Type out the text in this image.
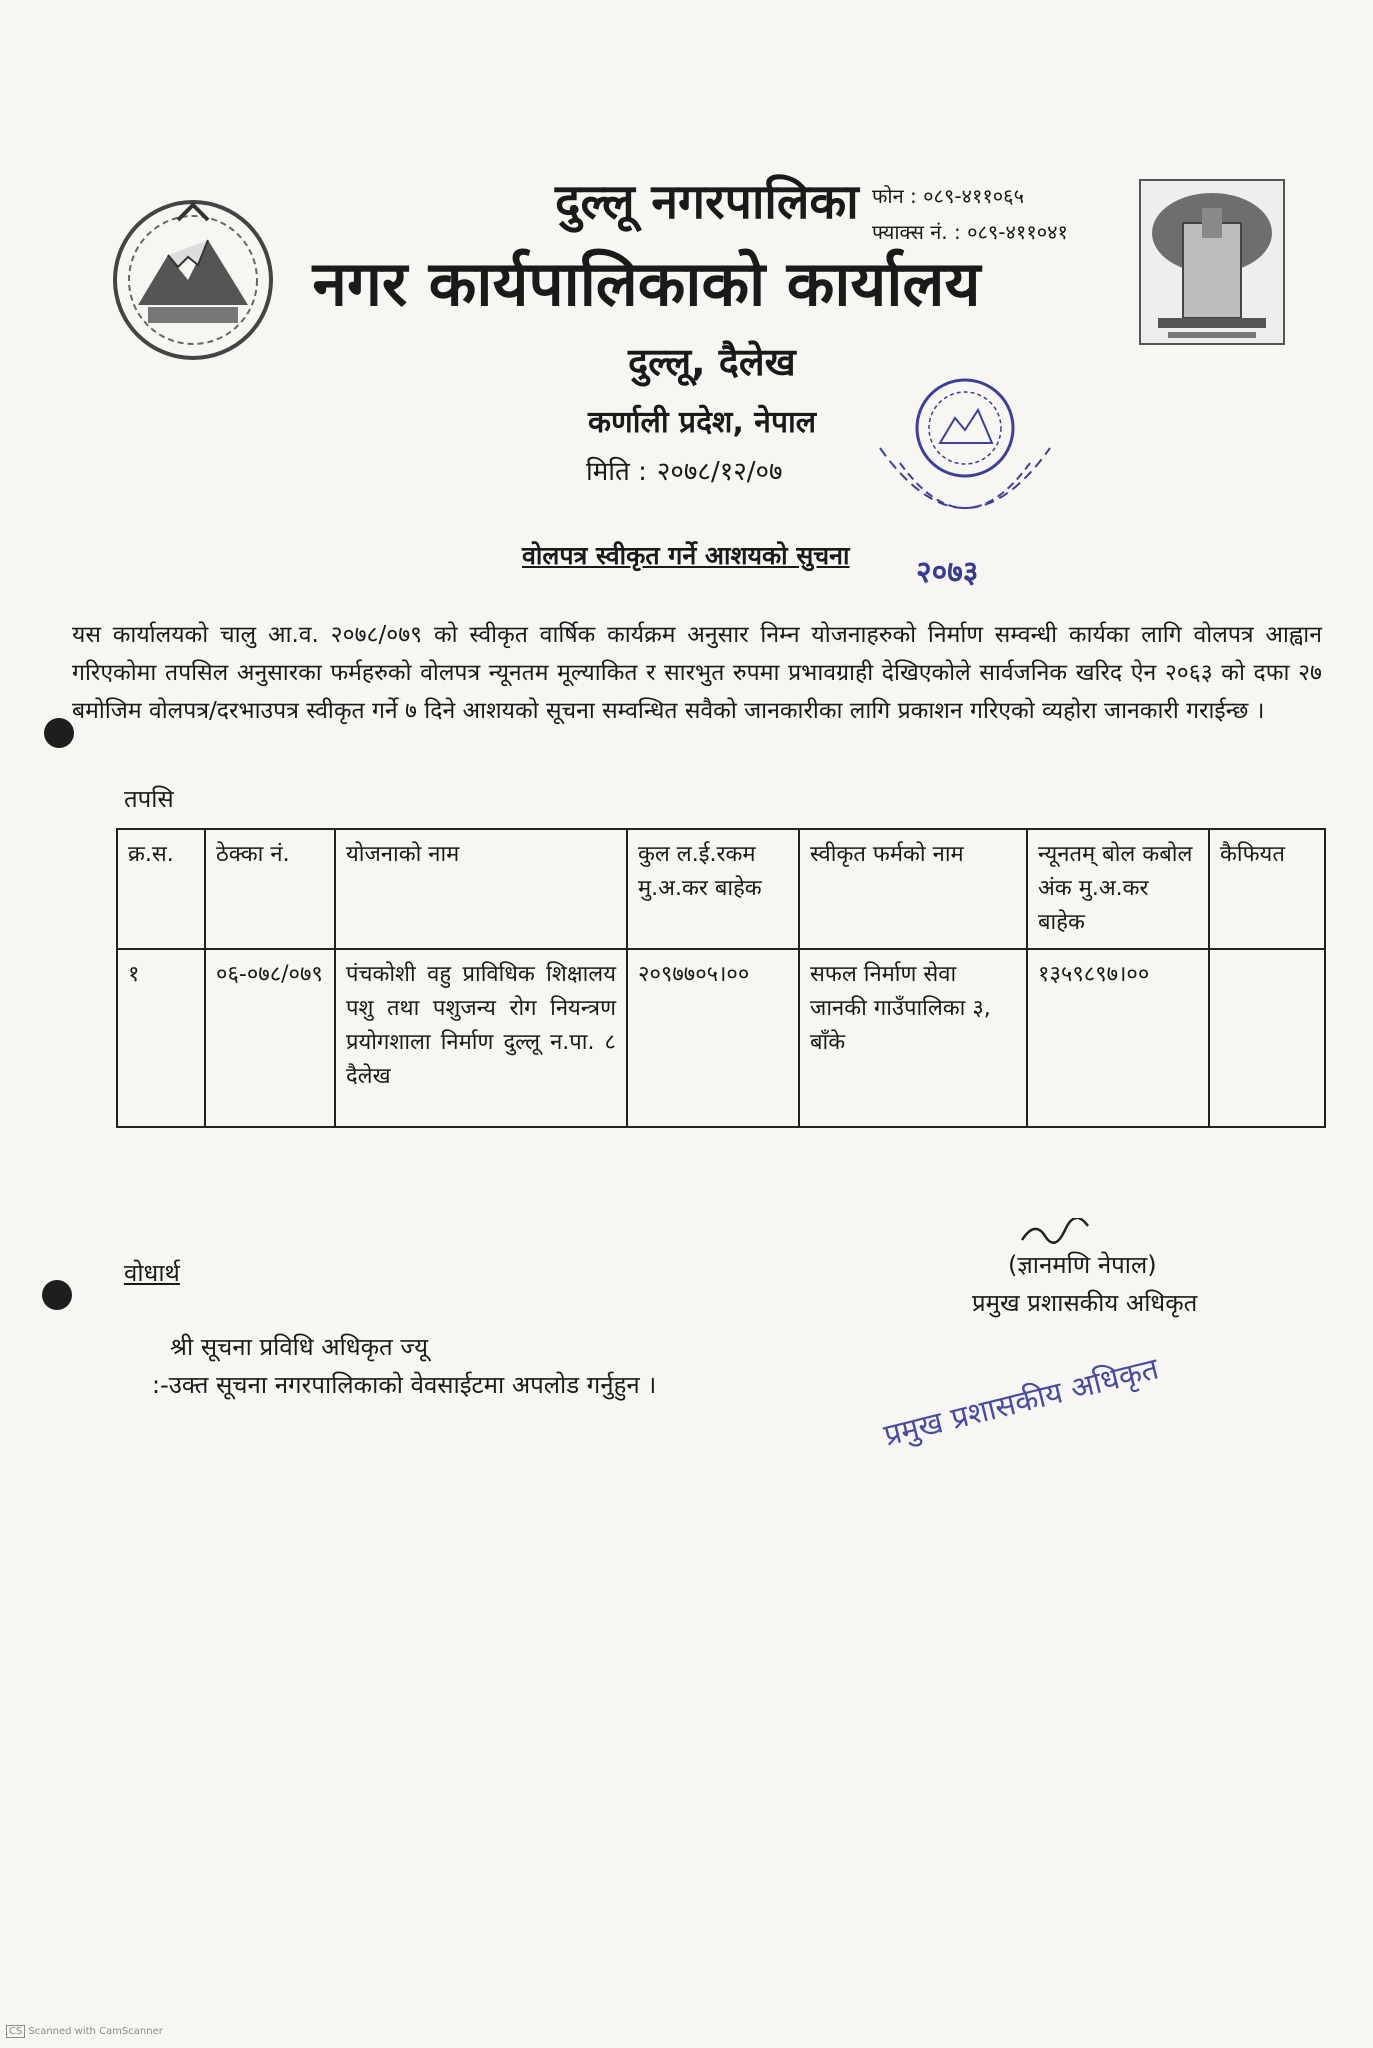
दुल्लू नगरपालिका फोन : ०८९-४११०६५
फ्याक्स नं. : ०८९-४११०४१
नगर कार्यपालिकाको कार्यालय
दुल्लू, दैलेख
कर्णाली प्रदेश, नेपाल
मिति : २०७८/१२/०७
२०७३
वोलपत्र स्वीकृत गर्ने आशयको सुचना
यस कार्यालयको चालु आ.व. २०७८/०७९ को स्वीकृत वार्षिक कार्यक्रम अनुसार निम्न योजनाहरुको निर्माण सम्वन्धी कार्यका लागि वोलपत्र आह्वान गरिएकोमा तपसिल अनुसारका फर्महरुको वोलपत्र न्यूनतम मूल्याकित र सारभुत रुपमा प्रभावग्राही देखिएकोले सार्वजनिक खरिद ऐन २०६३ को दफा २७ बमोजिम वोलपत्र/दरभाउपत्र स्वीकृत गर्ने ७ दिने आशयको सूचना सम्वन्धित सवैको जानकारीका लागि प्रकाशन गरिएको व्यहोरा जानकारी गराईन्छ ।
तपसि
क्र.स.	ठेक्का नं.	योजनाको नाम	कुल ल.ई.रकम मु.अ.कर बाहेक	स्वीकृत फर्मको नाम	न्यूनतम् बोल कबोल अंक मु.अ.कर बाहेक	कैफियत
१	०६-०७८/०७९	पंचकोशी वहु प्राविधिक शिक्षालय पशु तथा पशुजन्य रोग नियन्त्रण प्रयोगशाला निर्माण दुल्लू न.पा. ८ दैलेख	२०९७७०५।००	सफल निर्माण सेवा जानकी गाउँपालिका ३, बाँके	१३५९८९७।००	
वोधार्थ	(ज्ञानमणि नेपाल)
प्रमुख प्रशासकीय अधिकृत
प्रमुख प्रशासकीय अधिकृत
श्री सूचना प्रविधि अधिकृत ज्यू
:-उक्त सूचना नगरपालिकाको वेवसाईटमा अपलोड गर्नुहुन ।
CS Scanned with CamScanner
